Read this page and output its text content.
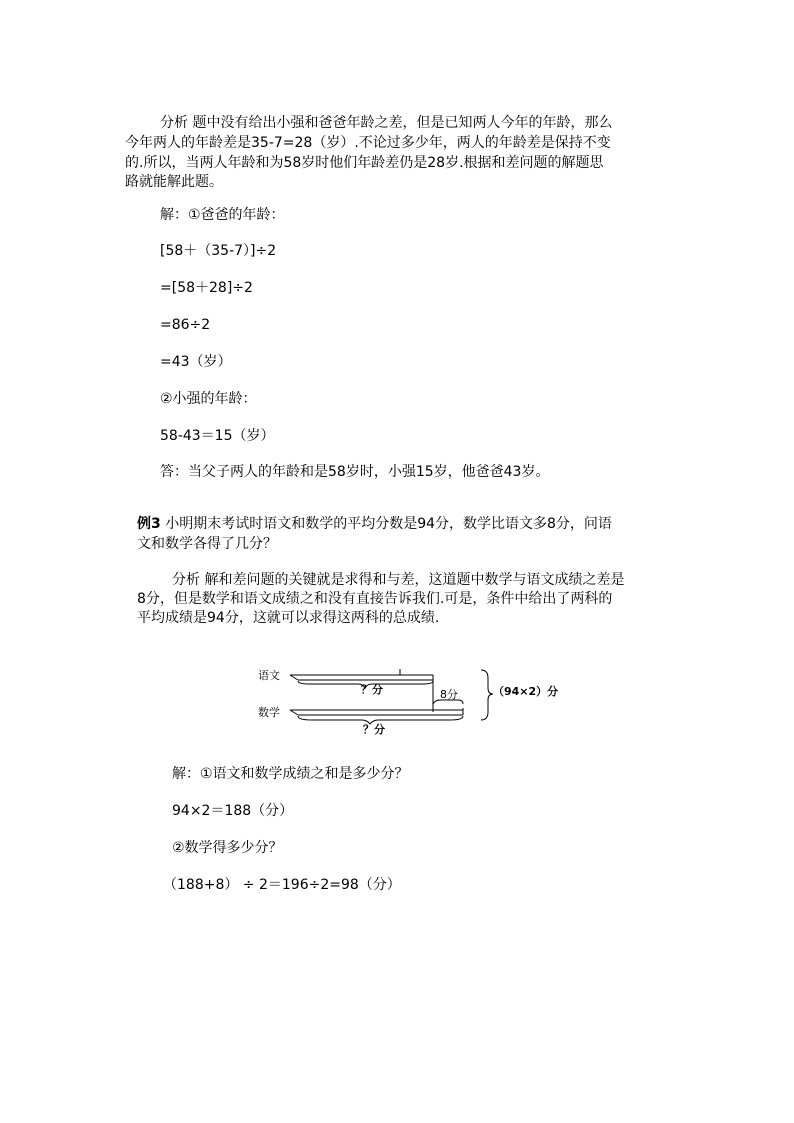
分析 题中没有给出小强和爸爸年龄之差，但是已知两人今年的年龄，那么
今年两人的年龄差是35-7=28（岁）.不论过多少年，两人的年龄差是保持不变
的.所以，当两人年龄和为58岁时他们年龄差仍是28岁.根据和差问题的解题思
路就能解此题。
解：①爸爸的年龄：
[58＋（35-7）]÷2
=[58＋28]÷2
=86÷2
=43（岁）
②小强的年龄：
58-43＝15（岁）
答：当父子两人的年龄和是58岁时，小强15岁，他爸爸43岁。
例3 小明期末考试时语文和数学的平均分数是94分，数学比语文多8分，问语
文和数学各得了几分？
分析 解和差问题的关键就是求得和与差，这道题中数学与语文成绩之差是
8分，但是数学和语文成绩之和没有直接告诉我们.可是，条件中给出了两科的
平均成绩是94分，这就可以求得这两科的总成绩.
语文
数学
？分	8分
？分
（94×2）分
解：①语文和数学成绩之和是多少分？
94×2＝188（分）
②数学得多少分？
（188+8） ÷ 2＝196÷2=98（分）
